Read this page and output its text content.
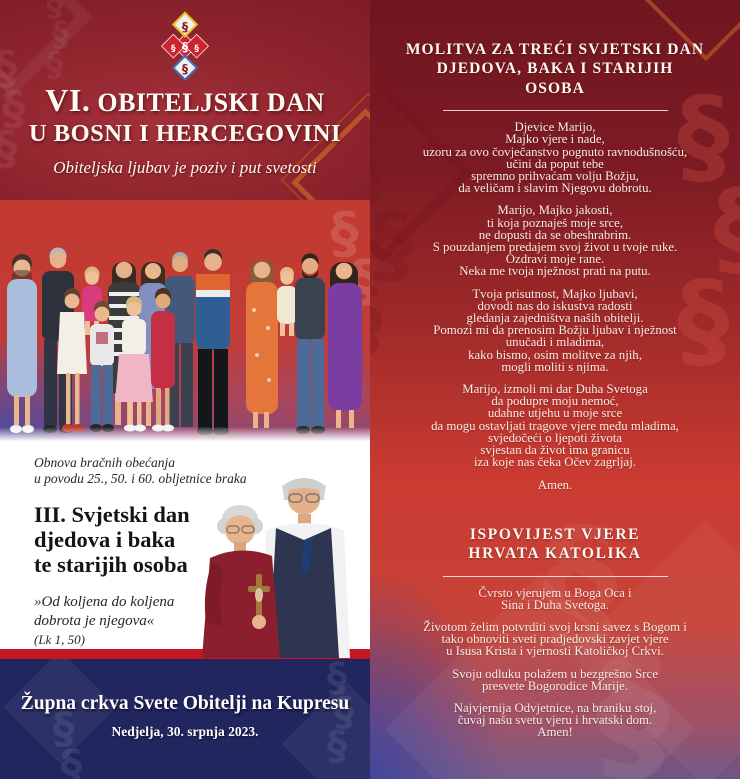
§
§
§
§
§
§
§
§
§ §
§
VI. OBITELJSKI DAN
U BOSNI I HERCEGOVINI
Obiteljska ljubav je poziv i put svetosti
§
§
§
Obnova bračnih obećanja
u povodu 25., 50. i 60. obljetnice braka
III. Svjetski dan
djedova i baka
te starijih osoba
»Od koljena do koljena
dobrota je njegova«
(Lk 1, 50)
§
§
§
§
§
§
Župna crkva Svete Obitelji na Kupresu
Nedjelja, 30. srpnja 2023.
§
§
§
§
§
§
§
§
§
MOLITVA ZA TREĆI SVJETSKI DAN
DJEDOVA, BAKA I STARIJIH
OSOBA

Djevice Marijo,
Majko vjere i nade,
uzoru za ovo čovječanstvo pognuto ravnodušnošću,
učini da poput tebe
spremno prihvaćam volju Božju,
da veličam i slavim Njegovu dobrotu.

Marijo, Majko jakosti,
ti koja poznaješ moje srce,
ne dopusti da se obeshrabrim.
S pouzdanjem predajem svoj život u tvoje ruke.
Ozdravi moje rane.
Neka me tvoja nježnost prati na putu.

Tvoja prisutnost, Majko ljubavi,
dovodi nas do iskustva radosti
gledanja zajedništva naših obitelji.
Pomozi mi da prenosim Božju ljubav i nježnost
unučadi i mladima,
kako bismo, osim molitve za njih,
mogli moliti s njima.

Marijo, izmoli mi dar Duha Svetoga
da podupre moju nemoć,
udahne utjehu u moje srce
da mogu ostavljati tragove vjere među mladima,
svjedočeći o ljepoti života
svjestan da život ima granicu
iza koje nas čeka Očev zagrljaj.

Amen.

ISPOVIJEST VJERE
HRVATA KATOLIKA

Čvrsto vjerujem u Boga Oca i
Sina i Duha Svetoga.

Životom želim potvrditi svoj krsni savez s Bogom i
tako obnoviti sveti pradjedovski zavjet vjere
u Isusa Krista i vjernosti Katoličkoj Crkvi.

Svoju odluku polažem u bezgrešno Srce
presvete Bogorodice Marije.

Najvjernija Odvjetnice, na braniku stoj,
čuvaj našu svetu vjeru i hrvatski dom.
Amen!
